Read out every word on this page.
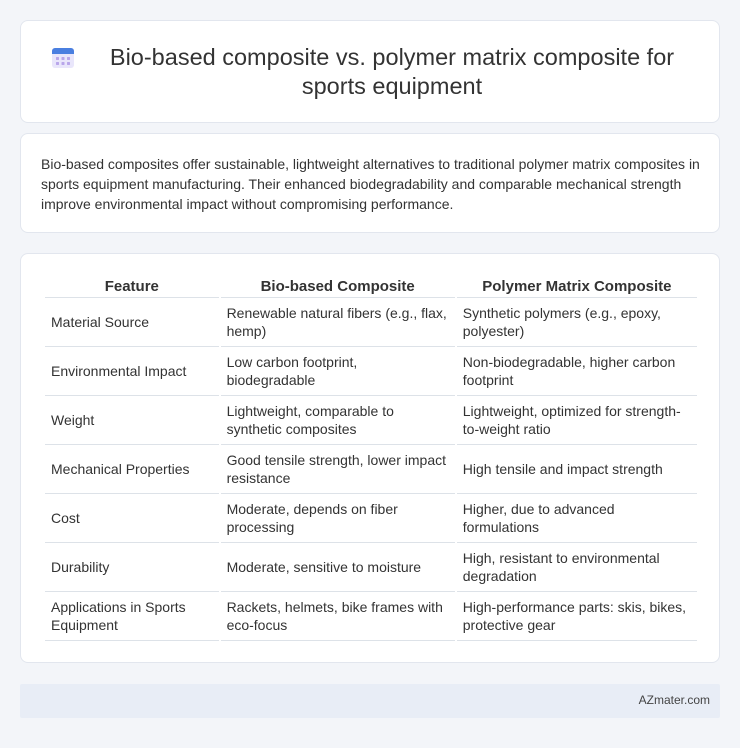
Bio-based composite vs. polymer matrix composite for sports equipment

Bio-based composites offer sustainable, lightweight alternatives to traditional polymer matrix composites in sports equipment manufacturing. Their enhanced biodegradability and comparable mechanical strength improve environmental impact without compromising performance.

Feature	Bio-based Composite	Polymer Matrix Composite
Material Source	Renewable natural fibers (e.g., flax, hemp)	Synthetic polymers (e.g., epoxy, polyester)
Environmental Impact	Low carbon footprint, biodegradable	Non-biodegradable, higher carbon footprint
Weight	Lightweight, comparable to synthetic composites	Lightweight, optimized for strength-to-weight ratio
Mechanical Properties	Good tensile strength, lower impact resistance	High tensile and impact strength
Cost	Moderate, depends on fiber processing	Higher, due to advanced formulations
Durability	Moderate, sensitive to moisture	High, resistant to environmental degradation
Applications in Sports Equipment	Rackets, helmets, bike frames with eco-focus	High-performance parts: skis, bikes, protective gear
AZmater.com
